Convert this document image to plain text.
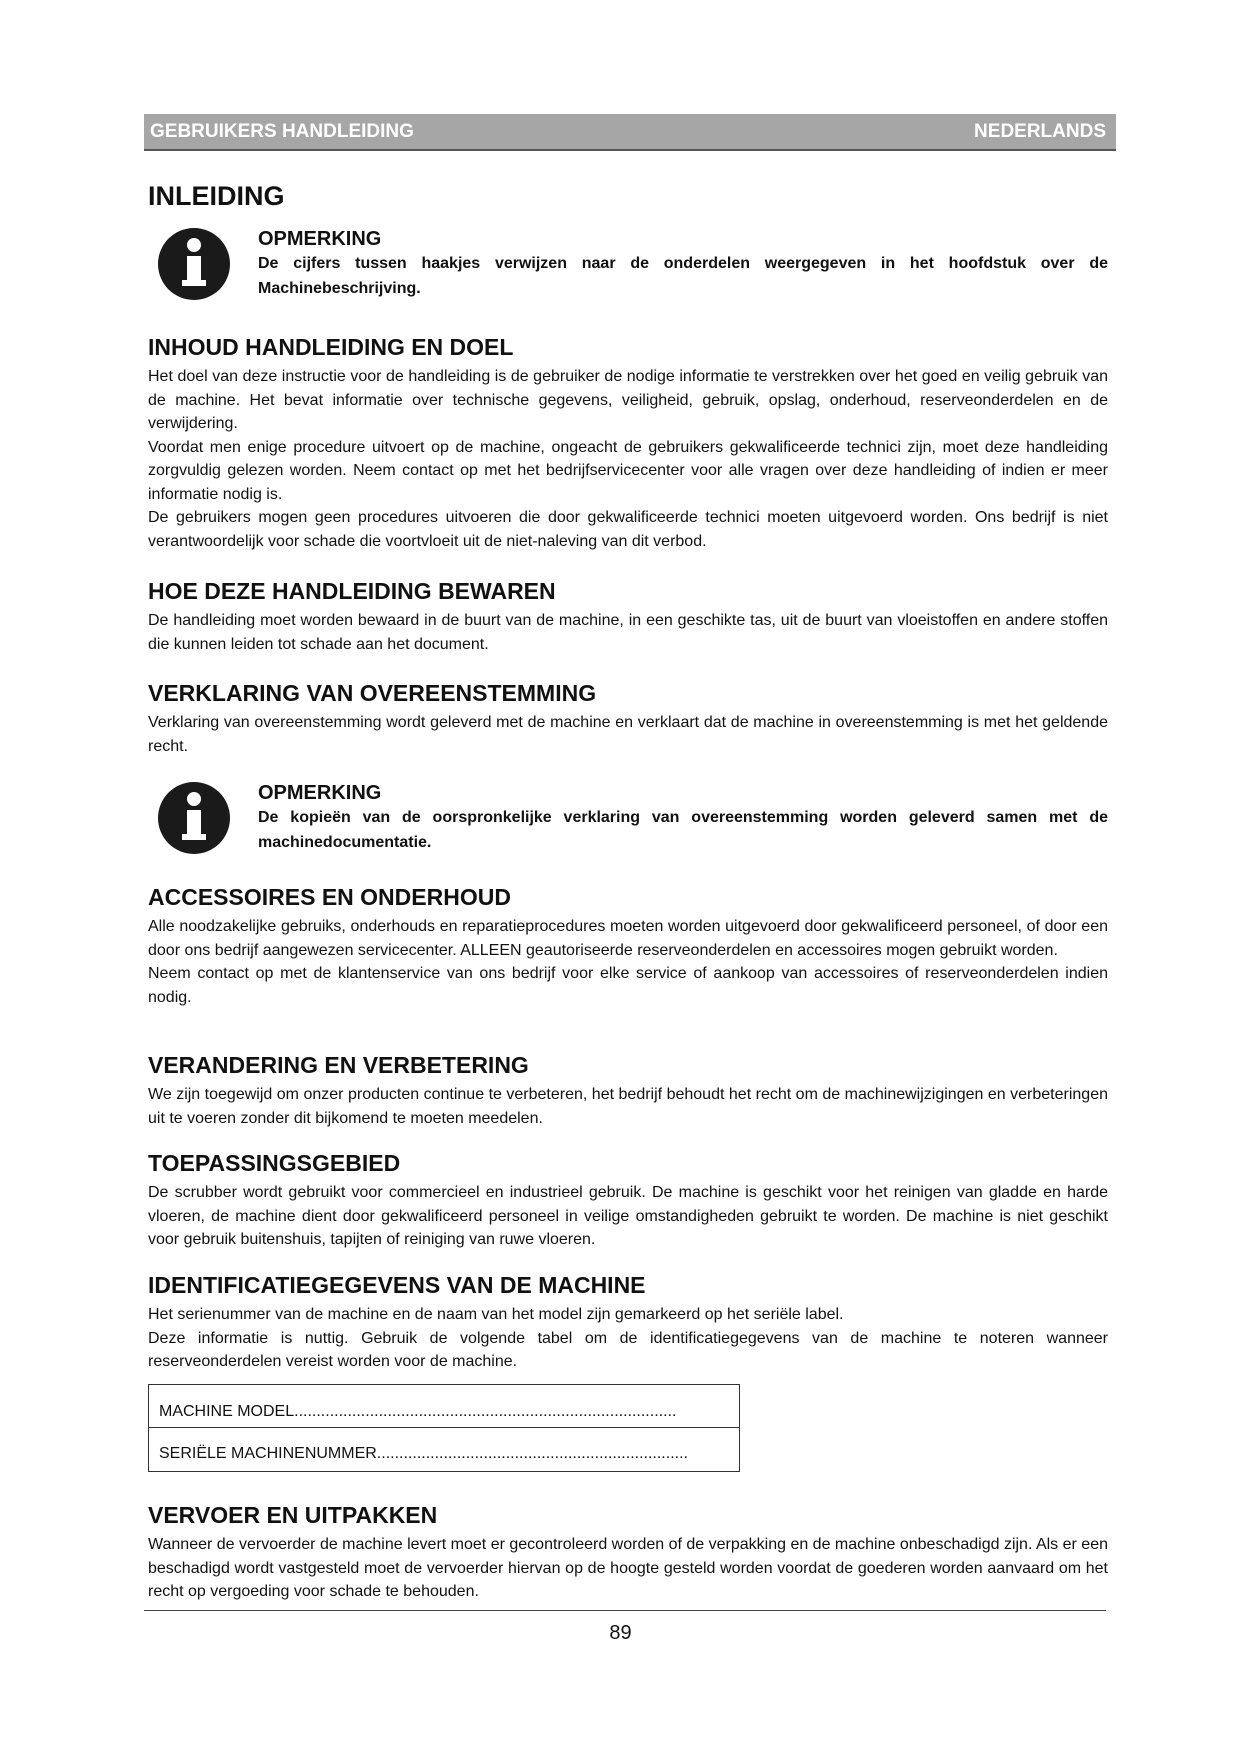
GEBRUIKERS HANDLEIDING	NEDERLANDS
INLEIDING
OPMERKING

De cijfers tussen haakjes verwijzen naar de onderdelen weergegeven in het hoofdstuk over de Machinebeschrijving.

INHOUD HANDLEIDING EN DOEL

Het doel van deze instructie voor de handleiding is de gebruiker de nodige informatie te verstrekken over het goed en veilig gebruik van de machine. Het bevat informatie over technische gegevens, veiligheid, gebruik, opslag, onderhoud, reserveonderdelen en de verwijdering.

Voordat men enige procedure uitvoert op de machine, ongeacht de gebruikers gekwalificeerde technici zijn, moet deze handleiding zorgvuldig gelezen worden. Neem contact op met het bedrijfservicecenter voor alle vragen over deze handleiding of indien er meer informatie nodig is.

De gebruikers mogen geen procedures uitvoeren die door gekwalificeerde technici moeten uitgevoerd worden. Ons bedrijf is niet verantwoordelijk voor schade die voortvloeit uit de niet-naleving van dit verbod.

HOE DEZE HANDLEIDING BEWAREN

De handleiding moet worden bewaard in de buurt van de machine, in een geschikte tas, uit de buurt van vloeistoffen en andere stoffen die kunnen leiden tot schade aan het document.

VERKLARING VAN OVEREENSTEMMING

Verklaring van overeenstemming wordt geleverd met de machine en verklaart dat de machine in overeenstemming is met het geldende recht.

OPMERKING

De kopieën van de oorspronkelijke verklaring van overeenstemming worden geleverd samen met de machinedocumentatie.

ACCESSOIRES EN ONDERHOUD

Alle noodzakelijke gebruiks, onderhouds en reparatieprocedures moeten worden uitgevoerd door gekwalificeerd personeel, of door een door ons bedrijf aangewezen servicecenter. ALLEEN geautoriseerde reserveonderdelen en accessoires mogen gebruikt worden.

Neem contact op met de klantenservice van ons bedrijf voor elke service of aankoop van accessoires of reserveonderdelen indien nodig.

VERANDERING EN VERBETERING

We zijn toegewijd om onzer producten continue te verbeteren, het bedrijf behoudt het recht om de machinewijzigingen en verbeteringen uit te voeren zonder dit bijkomend te moeten meedelen.

TOEPASSINGSGEBIED

De scrubber wordt gebruikt voor commercieel en industrieel gebruik. De machine is geschikt voor het reinigen van gladde en harde vloeren, de machine dient door gekwalificeerd personeel in veilige omstandigheden gebruikt te worden. De machine is niet geschikt voor gebruik buitenshuis, tapijten of reiniging van ruwe vloeren.

IDENTIFICATIEGEGEVENS VAN DE MACHINE

Het serienummer van de machine en de naam van het model zijn gemarkeerd op het seriële label.

Deze informatie is nuttig. Gebruik de volgende tabel om de identificatiegegevens van de machine te noteren wanneer reserveonderdelen vereist worden voor de machine.

MACHINE MODEL......................................................................................
SERIËLE MACHINENUMMER......................................................................
VERVOER EN UITPAKKEN

Wanneer de vervoerder de machine levert moet er gecontroleerd worden of de verpakking en de machine onbeschadigd zijn. Als er een beschadigd wordt vastgesteld moet de vervoerder hiervan op de hoogte gesteld worden voordat de goederen worden aanvaard om het recht op vergoeding voor schade te behouden.

89
